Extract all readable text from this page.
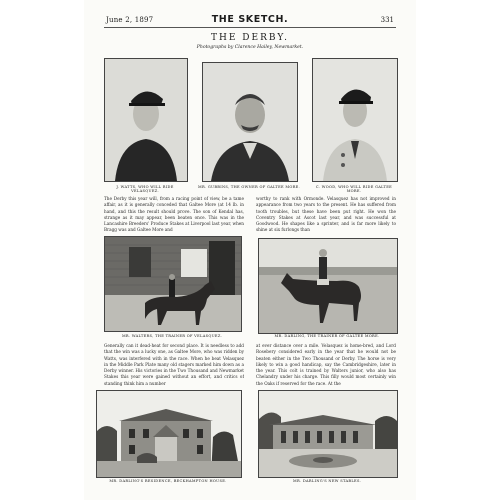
June 2, 1897	THE SKETCH.	331
THE DERBY.
Photographs by Clarence Hailey, Newmarket.
J. WATTS, WHO WILL RIDE VELASQUEZ.
MR. GUBBINS, THE OWNER OF GALTEE MORE.	C. WOOD, WHO WILL RIDE GALTEE MORE.
The Derby this year will, from a racing point of view, be a tame affair, as it is generally conceded that Galtee More (at 14 lb. in hand, and this the result should prove. The son of Kendal has, strange as it may appear, been beaten once. This was in the Lancashire Breeders' Produce Stakes at Liverpool last year, when Bragg was and Galtee More and
worthy to rank with Ormonde. Velasquez has not improved in appearance from two years to the present. He has suffered from tooth troubles, but these have been put right. He won the Coventry Stakes at Ascot last year, and was successful at Goodwood. He shapes like a sprinter, and is far more likely to shine at six furlongs than
MR. WALTERS, THE TRAINER OF VELASQUEZ.	MR. DARLING, THE TRAINER OF GALTEE MORE.
Generally can it dead-heat for second place. It is needless to add that the win was a lucky one, as Galtee More, who was ridden by Watts, was interfered with in the race. When he beat Velasquez in the Middle Park Plate many old stagers marked him down as a Derby winner. His victories in the Two Thousand and Newmarket Stakes this year were gained without an effort, and critics of standing think him a number
at ever distance over a mile. Velasquez is home-bred, and Lord Rosebery considered early in the year that he would not be beaten either in the Two Thousand or Derby. The horse is very likely to win a good handicap, say the Cambridgeshire, later in the year. This colt is trained by Walters junior, who also has Chelandry under his charge. This filly would most certainly win the Oaks if reserved for the race. At the
MR. DARLING'S RESIDENCE, BECKHAMPTON HOUSE.	MR. DARLING'S NEW STABLES.
